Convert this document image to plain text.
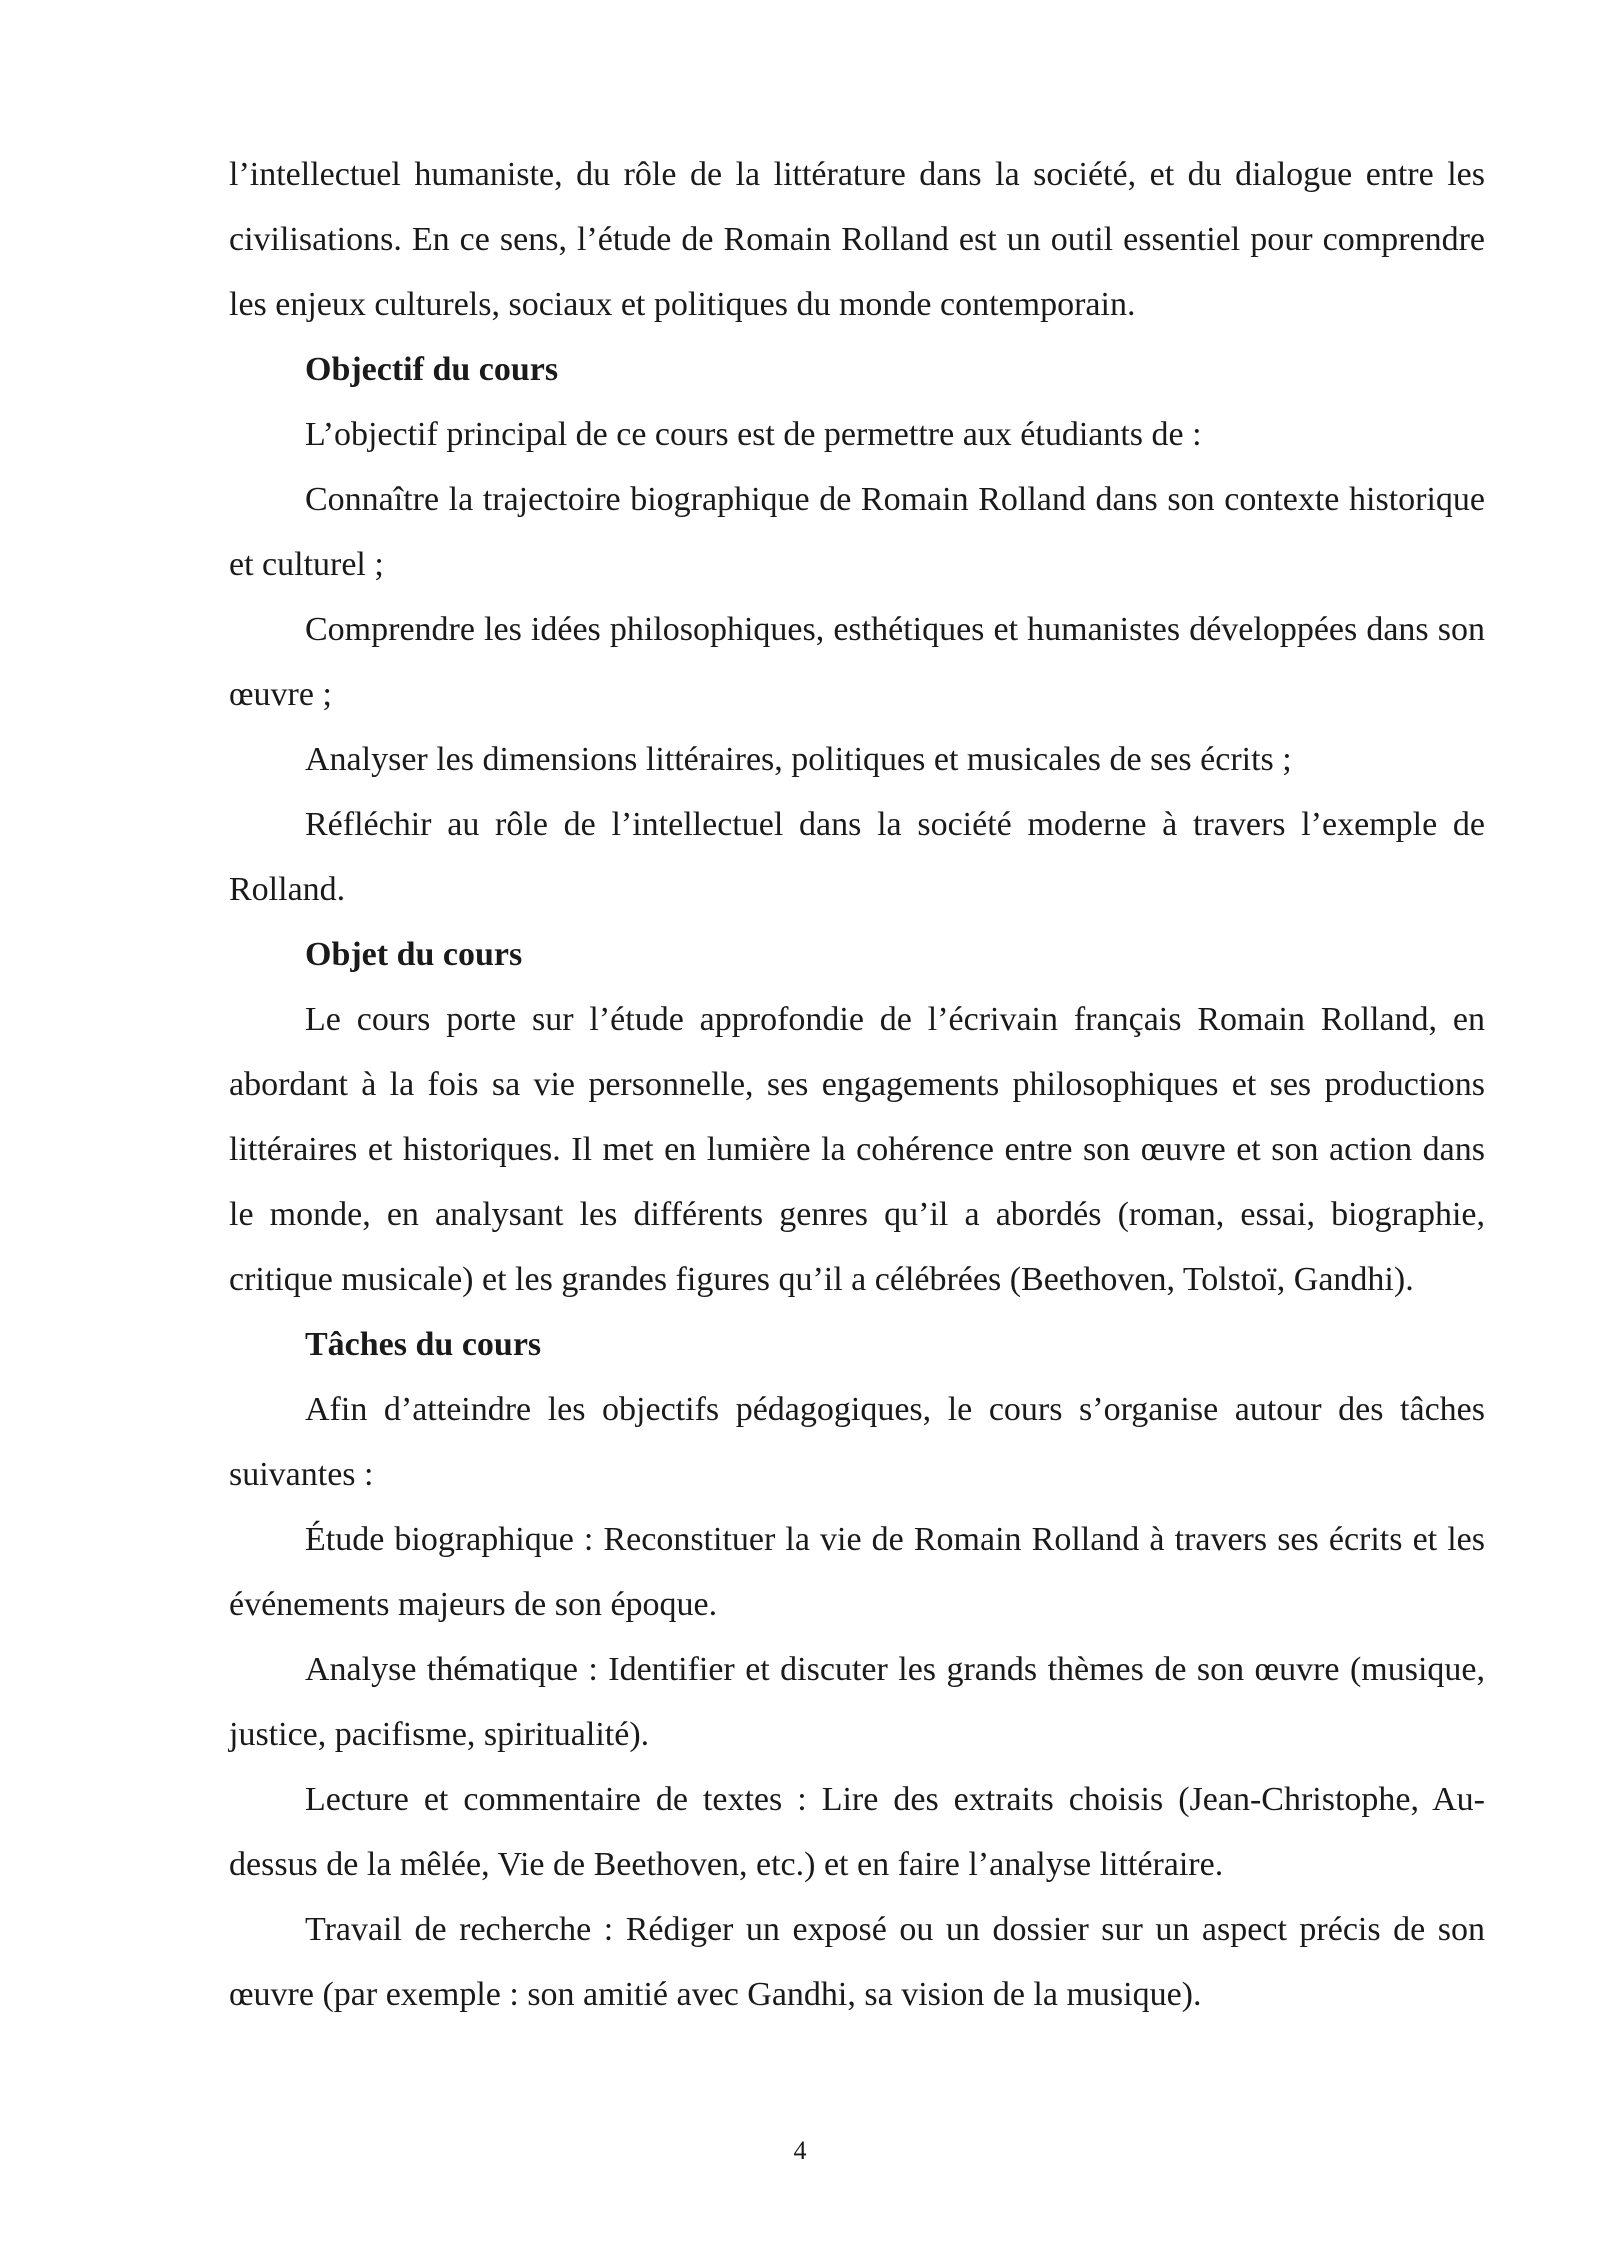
l’intellectuel humaniste, du rôle de la littérature dans la société, et du dialogue entre les civilisations. En ce sens, l’étude de Romain Rolland est un outil essentiel pour comprendre les enjeux culturels, sociaux et politiques du monde contemporain.

Objectif du cours

L’objectif principal de ce cours est de permettre aux étudiants de :

Connaître la trajectoire biographique de Romain Rolland dans son contexte historique et culturel ;

Comprendre les idées philosophiques, esthétiques et humanistes développées dans son œuvre ;

Analyser les dimensions littéraires, politiques et musicales de ses écrits ;

Réfléchir au rôle de l’intellectuel dans la société moderne à travers l’exemple de Rolland.

Objet du cours

Le cours porte sur l’étude approfondie de l’écrivain français Romain Rolland, en abordant à la fois sa vie personnelle, ses engagements philosophiques et ses productions littéraires et historiques. Il met en lumière la cohérence entre son œuvre et son action dans le monde, en analysant les différents genres qu’il a abordés (roman, essai, biographie, critique musicale) et les grandes figures qu’il a célébrées (Beethoven, Tolstoï, Gandhi).

Tâches du cours

Afin d’atteindre les objectifs pédagogiques, le cours s’organise autour des tâches suivantes :

Étude biographique : Reconstituer la vie de Romain Rolland à travers ses écrits et les événements majeurs de son époque.

Analyse thématique : Identifier et discuter les grands thèmes de son œuvre (musique, justice, pacifisme, spiritualité).

Lecture et commentaire de textes : Lire des extraits choisis (Jean-Christophe, Au-dessus de la mêlée, Vie de Beethoven, etc.) et en faire l’analyse littéraire.

Travail de recherche : Rédiger un exposé ou un dossier sur un aspect précis de son œuvre (par exemple : son amitié avec Gandhi, sa vision de la musique).

4
